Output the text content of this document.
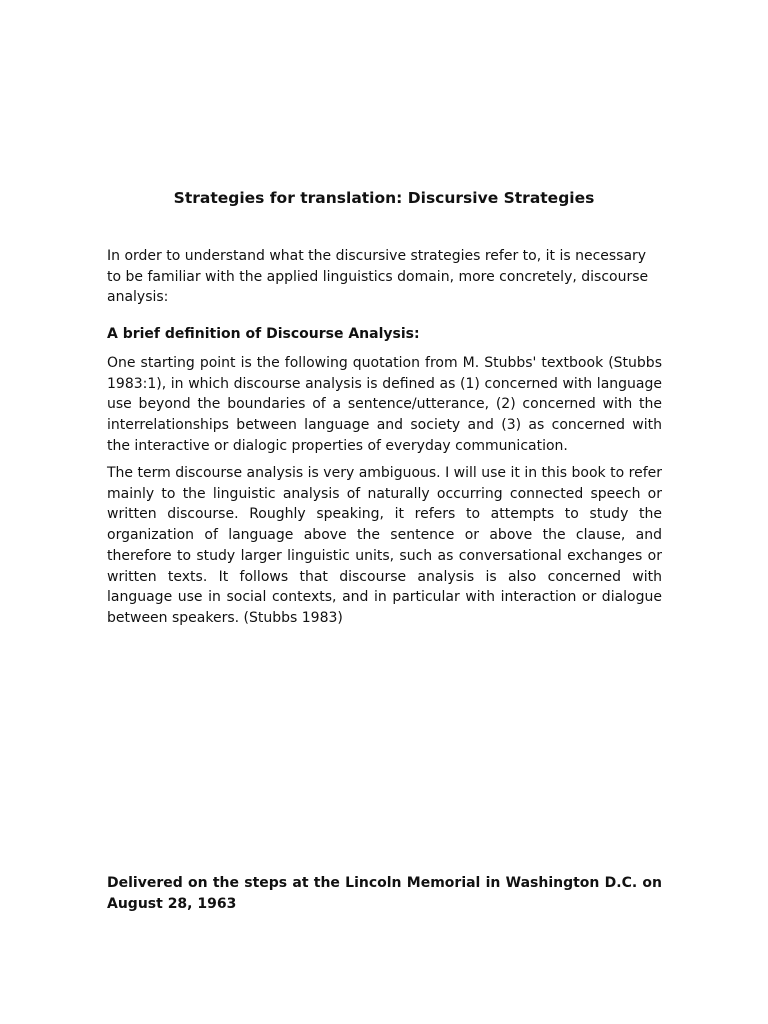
Strategies for translation: Discursive Strategies
In order to understand what the discursive strategies refer to, it is necessary to be familiar with the applied linguistics domain, more concretely, discourse analysis:
A brief definition of Discourse Analysis:
One starting point is the following quotation from M. Stubbs' textbook (Stubbs 1983:1), in which discourse analysis is defined as (1) concerned with language use beyond the boundaries of a sentence/utterance, (2) concerned with the interrelationships between language and society and (3) as concerned with the interactive or dialogic properties of everyday communication.
The term discourse analysis is very ambiguous. I will use it in this book to refer mainly to the linguistic analysis of naturally occurring connected speech or written discourse. Roughly speaking, it refers to attempts to study the organization of language above the sentence or above the clause, and therefore to study larger linguistic units, such as conversational exchanges or written texts. It follows that discourse analysis is also concerned with language use in social contexts, and in particular with interaction or dialogue between speakers. (Stubbs 1983)
Delivered on the steps at the Lincoln Memorial in Washington D.C. on August 28, 1963
